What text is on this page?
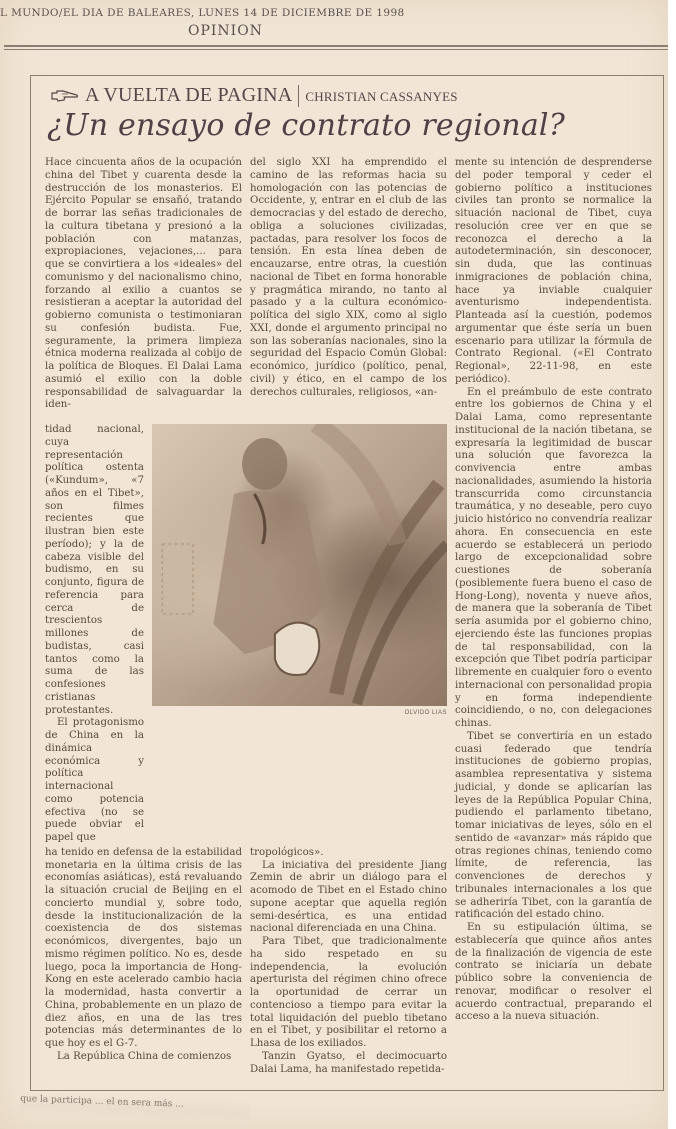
L MUNDO/EL DIA DE BALEARES, LUNES 14 DE DICIEMBRE DE 1998
OPINION
A VUELTA DE PAGINA CHRISTIAN CASSANYES
¿Un ensayo de contrato regional?

Hace cincuenta años de la ocupación china del Tibet y cuarenta desde la destrucción de los monasterios. El Ejército Popular se ensañó, tratando de borrar las señas tradicionales de la cultura tibetana y presionó a la población con matanzas, expropiaciones, vejaciones,... para que se convirtiera a los «ideales» del comunismo y del nacionalismo chino, forzando al exilio a cuantos se resistieran a aceptar la autoridad del gobierno comunista o testimoniaran su confesión budista. Fue, seguramente, la primera limpieza étnica moderna realizada al cobijo de la política de Bloques. El Dalai Lama asumió el exilio con la doble responsabilidad de salvaguardar la iden-

del siglo XXI ha emprendido el camino de las reformas hacia su homologación con las potencias de Occidente, y, entrar en el club de las democracias y del estado de derecho, obliga a soluciones civilizadas, pactadas, para resolver los focos de tensión. En esta línea deben de encauzarse, entre otras, la cuestión nacional de Tibet en forma honorable y pragmática mirando, no tanto al pasado y a la cultura económico-política del siglo XIX, como al siglo XXI, donde el argumento principal no son las soberanías nacionales, sino la seguridad del Espacio Común Global: económico, jurídico (político, penal, civil) y ético, en el campo de los derechos culturales, religiosos, «an-

mente su intención de desprenderse del poder temporal y ceder el gobierno político a instituciones civiles tan pronto se normalice la situación nacional de Tibet, cuya resolución cree ver en que se reconozca el derecho a la autodeterminación, sin desconocer, sin duda, que las continuas inmigraciones de población china, hace ya inviable cualquier aventurismo independentista. Planteada así la cuestión, podemos argumentar que éste sería un buen escenario para utilizar la fórmula de Contrato Regional. («El Contrato Regional», 22-11-98, en este periódico).

En el preámbulo de este contrato entre los gobiernos de China y el Dalai Lama, como representante institucional de la nación tibetana, se expresaría la legitimidad de buscar una solución que favorezca la convivencia entre ambas nacionalidades, asumiendo la historia transcurrida como circunstancia traumática, y no deseable, pero cuyo juicio histórico no convendría realizar ahora. En consecuencia en este acuerdo se establecerá un periodo largo de excepcionalidad sobre cuestiones de soberanía (posiblemente fuera bueno el caso de Hong-Long), noventa y nueve años, de manera que la soberanía de Tibet sería asumida por el gobierno chino, ejerciendo éste las funciones propias de tal responsabilidad, con la excepción que Tibet podría participar libremente en cualquier foro o evento internacional con personalidad propia y en forma independiente coincidiendo, o no, con delegaciones chinas.

Tibet se convertiría en un estado cuasi federado que tendría instituciones de gobierno propias, asamblea representativa y sistema judicial, y donde se aplicarían las leyes de la República Popular China, pudiendo el parlamento tibetano, tomar iniciativas de leyes, sólo en el sentido de «avanzar» más rápido que otras regiones chinas, teniendo como límite, de referencia, las convenciones de derechos y tribunales internacionales a los que se adheriría Tibet, con la garantía de ratificación del estado chino.

En su estipulación última, se establecería que quince años antes de la finalización de vigencia de este contrato se iniciaría un debate público sobre la conveniencia de renovar, modificar o resolver el acuerdo contractual, preparando el acceso a la nueva situación.

tidad nacional, cuya representación política ostenta («Kundum», «7 años en el Tibet», son filmes recientes que ilustran bien este período); y la de cabeza visible del budismo, en su conjunto, figura de referencia para cerca de trescientos millones de budistas, casi tantos como la suma de las confesiones cristianas protestantes.

El protagonismo de China en la dinámica económica y política internacional como potencia efectiva (no se puede obviar el papel que

OLVIDO LIAS

ha tenido en defensa de la estabilidad monetaria en la última crisis de las economías asiáticas), está revaluando la situación crucial de Beijing en el concierto mundial y, sobre todo, desde la institucionalización de la coexistencia de dos sistemas económicos, divergentes, bajo un mismo régimen político. No es, desde luego, poca la importancia de Hong-Kong en este acelerado cambio hacia la modernidad, hasta convertir a China, probablemente en un plazo de diez años, en una de las tres potencias más determinantes de lo que hoy es el G-7.

La República China de comienzos

tropológicos».

La iniciativa del presidente Jiang Zemin de abrir un diálogo para el acomodo de Tibet en el Estado chino supone aceptar que aquella región semi-desértica, es una entidad nacional diferenciada en una China.

Para Tibet, que tradicionalmente ha sido respetado en su independencia, la evolución aperturista del régimen chino ofrece la oportunidad de cerrar un contencioso a tiempo para evitar la total liquidación del pueblo tibetano en el Tibet, y posibilitar el retorno a Lhasa de los exiliados.

Tanzin Gyatso, el decimocuarto Dalai Lama, ha manifestado repetida-

que la participa ... el en sera más ...
